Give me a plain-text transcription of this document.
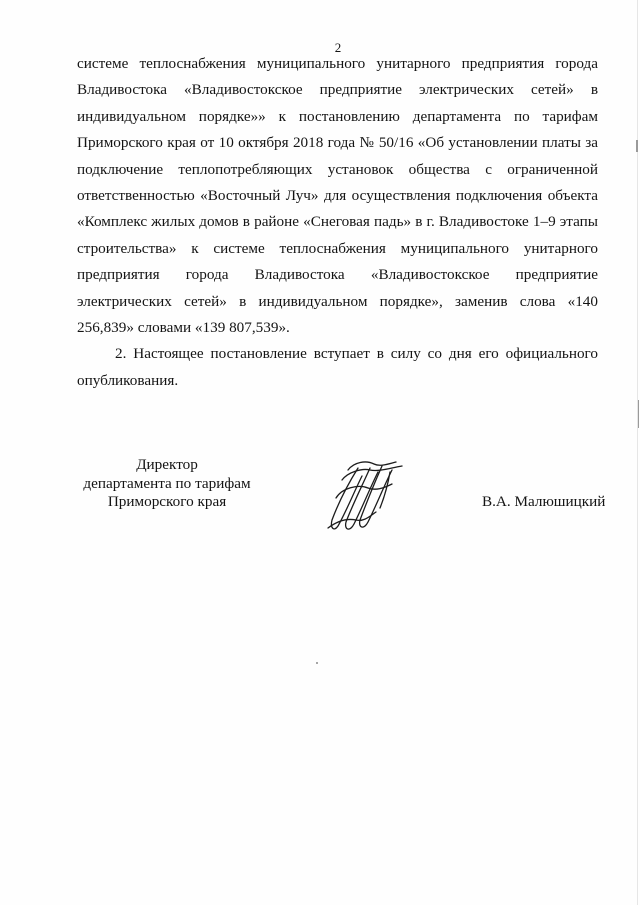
2

системе теплоснабжения муниципального унитарного предприятия города Владивостока «Владивостокское предприятие электрических сетей» в индивидуальном порядке»» к постановлению департамента по тарифам Приморского края от 10 октября 2018 года № 50/16 «Об установлении платы за подключение теплопотребляющих установок общества с ограниченной ответственностью «Восточный Луч» для осуществления подключения объекта «Комплекс жилых домов в районе «Снеговая падь» в г. Владивостоке 1–9 этапы строительства» к системе теплоснабжения муниципального унитарного предприятия города Владивостока «Владивостокское предприятие электрических сетей» в индивидуальном порядке», заменив слова «140 256,839» словами «139 807,539».

2. Настоящее постановление вступает в силу со дня его официального опубликования.

Директор
департамента по тарифам
Приморского края	В.А. Малюшицкий
